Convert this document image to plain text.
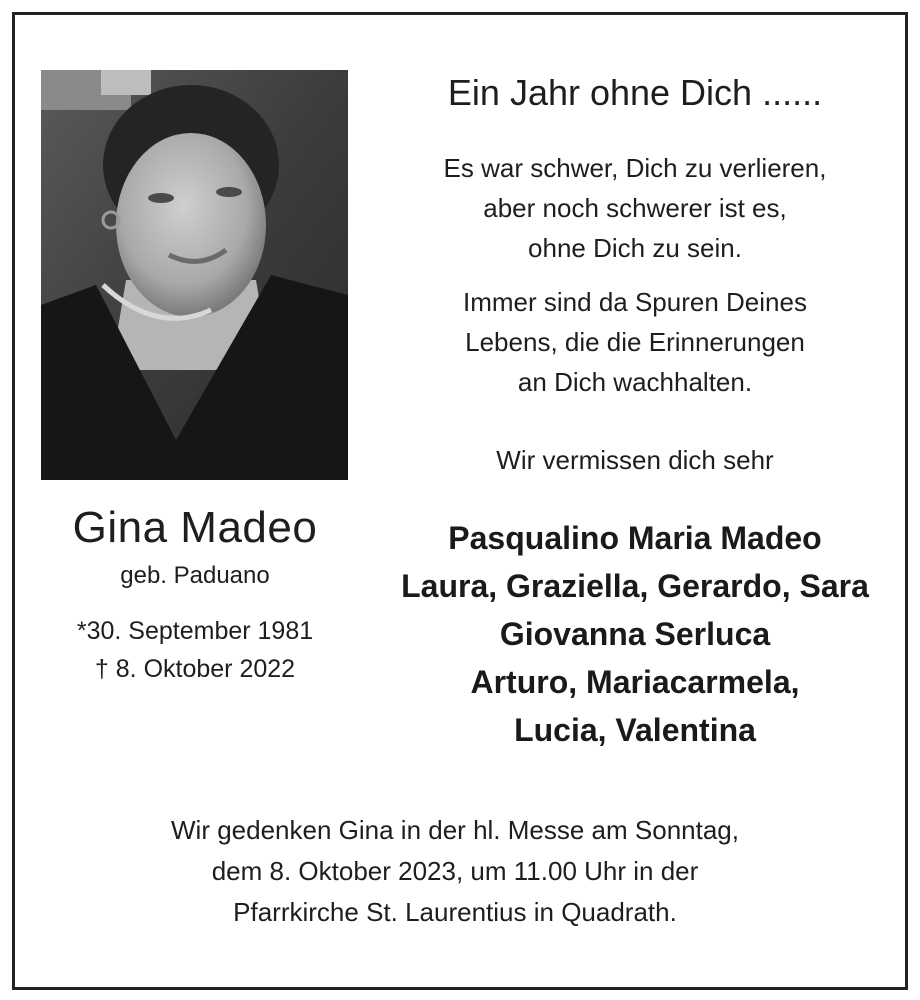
Gina Madeo
geb. Paduano
*30. September 1981
† 8. Oktober 2022
Ein Jahr ohne Dich ......
Es war schwer, Dich zu verlieren,
aber noch schwerer ist es,
ohne Dich zu sein.
Immer sind da Spuren Deines
Lebens, die die Erinnerungen
an Dich wachhalten.
Wir vermissen dich sehr
Pasqualino Maria Madeo
Laura, Graziella, Gerardo, Sara
Giovanna Serluca
Arturo, Mariacarmela,
Lucia, Valentina
Wir gedenken Gina in der hl. Messe am Sonntag,
dem 8. Oktober 2023, um 11.00 Uhr in der
Pfarrkirche St. Laurentius in Quadrath.
